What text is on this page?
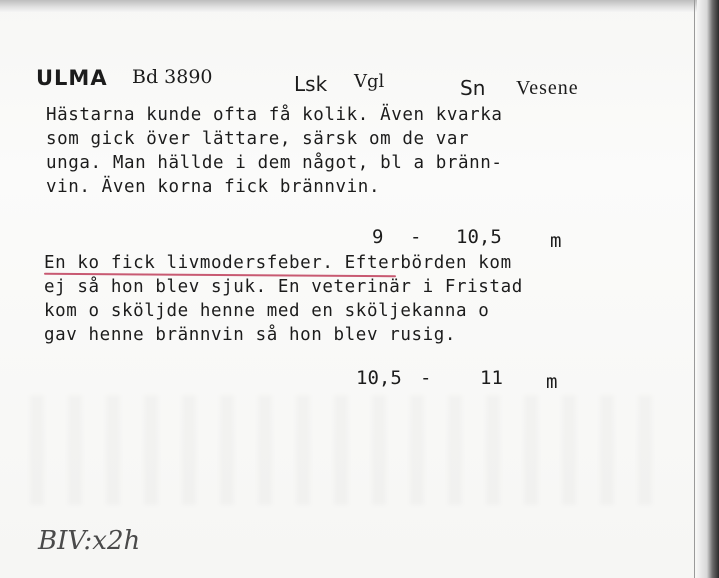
ULMA Bd 3890	Lsk Vgl	Sn Vesene
Hästarna kunde ofta få kolik. Även kvarka
som gick över lättare, särsk om de var
unga. Man hällde i dem något, bl a bränn-
vin. Även korna fick brännvin.
9 - 10,5	m
En ko fick livmodersfeber. Efterbörden kom
ej så hon blev sjuk. En veterinär i Fristad
kom o sköljde henne med en sköljekanna o
gav henne brännvin så hon blev rusig.
10,5 -	11 m
BIV:x2h
